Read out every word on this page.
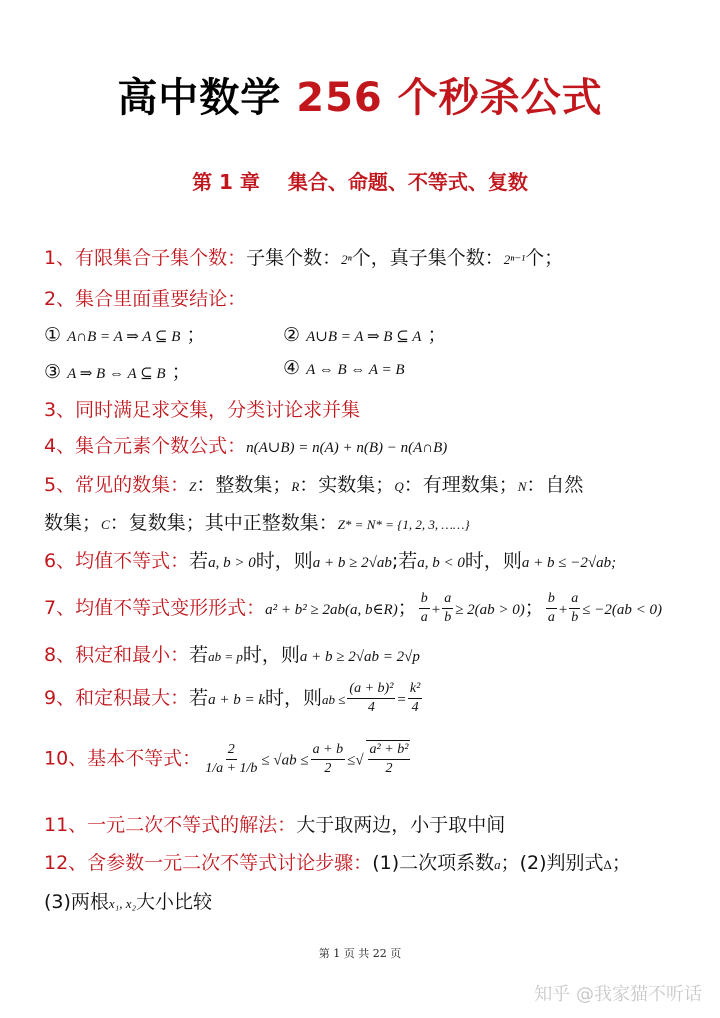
高中数学 256 个秒杀公式
第 1 章 集合、命题、不等式、复数
1、有限集合子集个数：子集个数：2ⁿ个，真子集个数：2ⁿ⁻¹个；
2、集合里面重要结论：
① A∩B = A ⇒ A ⊆ B ；	② A∪B = A ⇒ B ⊆ A ；
③ A ⇒ B ⇔ A ⊆ B ；	④ A ⇔ B ⇔ A = B
3、同时满足求交集，分类讨论求并集
4、集合元素个数公式：n(A∪B) = n(A) + n(B) − n(A∩B)
5、常见的数集：Z：整数集；R：实数集；Q：有理数集；N：自然
数集；C：复数集；其中正整数集：Z* = N* = {1, 2, 3, ……}
6、均值不等式：若a, b > 0时，则a + b ≥ 2√ab;若a, b < 0时，则a + b ≤ −2√ab;
7、均值不等式变形形式：a² + b² ≥ 2ab(a, b∈R)； $\frac{b}{a} + \frac{a}{b} \ge 2(ab > 0)$； $\frac{b}{a} + \frac{a}{b} \le -2(ab < 0)$
8、积定和最小：若ab = p时，则a + b ≥ 2√ab = 2√p
9、和定积最大：若a + b = k时，则ab ≤ $\frac{\text{(a + b)²}}{4} = \frac{\text{k²}}{4}$
10、基本不等式： $\frac{2}{1/a + 1/b} \le √ab \le \frac{a + b}{2}$ ≤√ $\frac{\text{a² + b²}}{2}$
11、一元二次不等式的解法：大于取两边，小于取中间
12、含参数一元二次不等式讨论步骤：(1)二次项系数a；(2)判别式Δ；
(3)两根x₁, x₂大小比较
第 1 页 共 22 页
知乎 @我家猫不听话
